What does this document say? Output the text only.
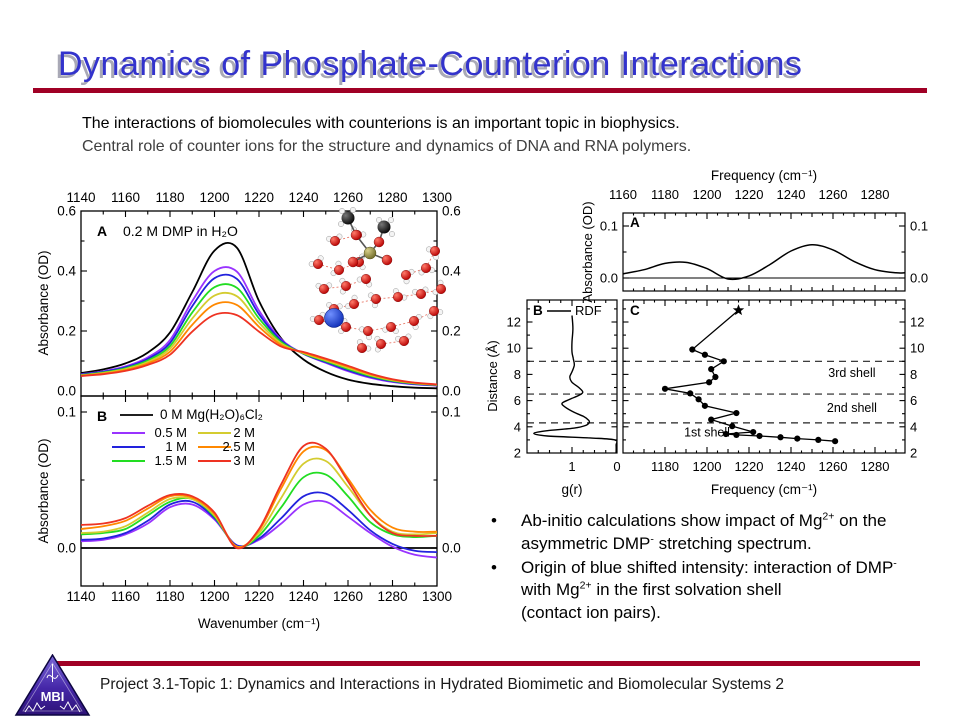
Dynamics of Phosphate-Counterion Interactions
The interactions of biomolecules with counterions is an important topic in biophysics.
Central role of counter ions for the structure and dynamics of DNA and RNA polymers.
1140
1140
1160
1160
1180
1180
1200
1200
1220
1220
1240
1240
1260
1260
1280
1280
1300
1300
0.0	0.0
0.2	0.2
0.4	0.4
0.6	0.6
0.0	0.0
0.1	0.1
Absorbance (OD)
Absorbance (OD)
Wavenumber (cm⁻¹)
A 0.2 M DMP in H₂O
B	0 M Mg(H₂O)₆Cl₂
0.5 M
1 M
1.5 M
2 M
2.5 M
3 M
Frequency (cm⁻¹)
1160 1180 1200 1220 1240 1260 1280
0.0	0.0
0.1	0.1
Absorbance (OD)	A
12	12
10	10
8	8
6	6
4	4
2	2
Distance (Å)
1	0
g(r)
B RDF
1180 1200 1220 1240 1260 1280
Frequency (cm⁻¹)
C
1st shell
2nd shell
3rd shell
• Ab-initio calculations show impact of $Mg^{2+}$ on the
asymmetric DMP- stretching spectrum.
• Origin of blue shifted intensity: interaction of DMP-
with $Mg^{2+}$ in the first solvation shell
(contact ion pairs).
MBI
Project 3.1-Topic 1: Dynamics and Interactions in Hydrated Biomimetic and Biomolecular Systems 2
